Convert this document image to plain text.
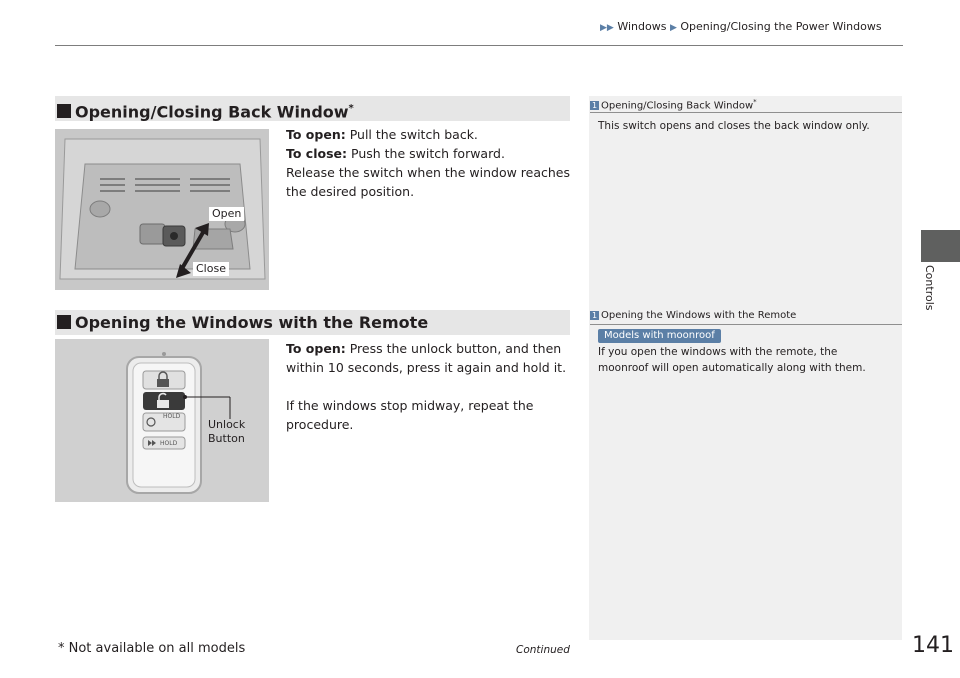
▶▶ Windows ▶ Opening/Closing the Power Windows
Controls
1 Opening/Closing Back Window*
This switch opens and closes the back window only.
1 Opening the Windows with the Remote
Models with moonroof
If you open the windows with the remote, the
moonroof will open automatically along with them.
Opening/Closing Back Window*
To open: Pull the switch back.
To close: Push the switch forward.
Release the switch when the window reaches
the desired position.
Open
Close
Opening the Windows with the Remote
To open: Press the unlock button, and then
within 10 seconds, press it again and hold it.
If the windows stop midway, repeat the
procedure.
HOLD
HOLD
Unlock
Button
* Not available on all models	Continued	141
